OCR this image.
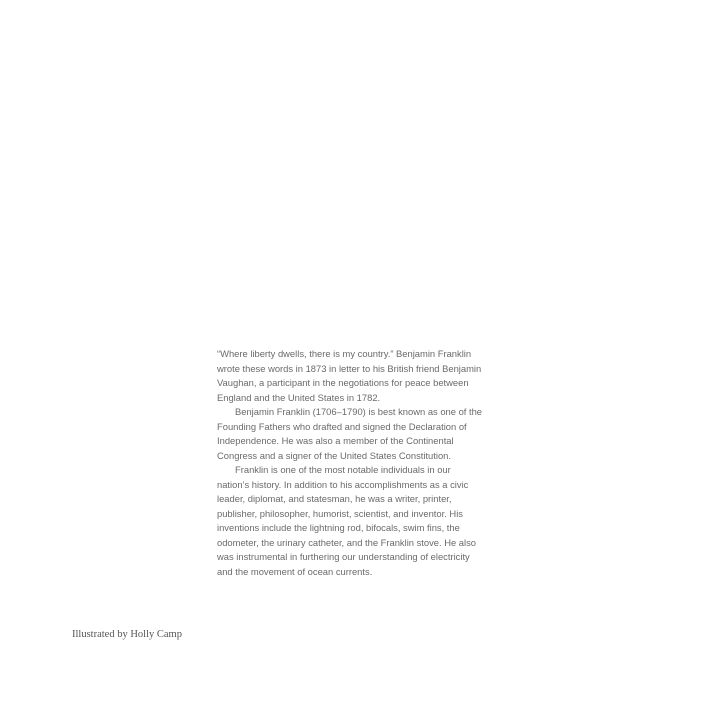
“Where liberty dwells, there is my country.” Benjamin Franklin
wrote these words in 1873 in letter to his British friend Benjamin
Vaughan, a participant in the negotiations for peace between
England and the United States in 1782.
Benjamin Franklin (1706–1790) is best known as one of the
Founding Fathers who drafted and signed the Declaration of
Independence. He was also a member of the Continental
Congress and a signer of the United States Constitution.
Franklin is one of the most notable individuals in our
nation’s history. In addition to his accomplishments as a civic
leader, diplomat, and statesman, he was a writer, printer,
publisher, philosopher, humorist, scientist, and inventor. His
inventions include the lightning rod, bifocals, swim fins, the
odometer, the urinary catheter, and the Franklin stove. He also
was instrumental in furthering our understanding of electricity
and the movement of ocean currents.
Illustrated by Holly Camp
